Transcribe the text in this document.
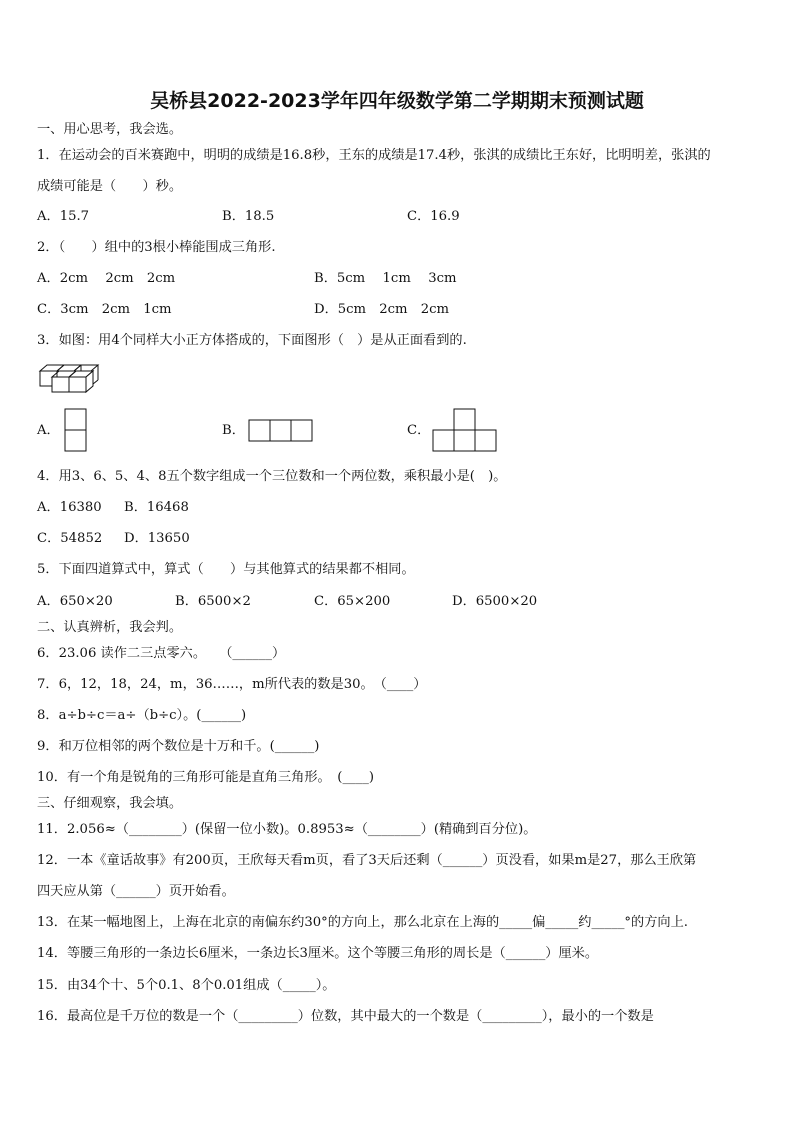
吴桥县2022-2023学年四年级数学第二学期期末预测试题
一、用心思考，我会选。
1．在运动会的百米赛跑中，明明的成绩是16.8秒，王东的成绩是17.4秒，张淇的成绩比王东好，比明明差，张淇的
成绩可能是（　　）秒。
A．15.7	B．18.5	C．16.9
2．（　　）组中的3根小棒能围成三角形.
A．2cm　 2cm　2cm	B．5cm　 1cm　 3cm
C．3cm　2cm　1cm	D．5cm　2cm　2cm
3．如图：用4个同样大小正方体搭成的，下面图形（　）是从正面看到的.
A．	B．	C．
4．用3、6、5、4、8五个数字组成一个三位数和一个两位数，乘积最小是(　)。
A．16380 B．16468
C．54852 D．13650
5．下面四道算式中，算式（　　）与其他算式的结果都不相同。
A．650×20	B．6500×2	C．65×200	D．6500×20
二、认真辨析，我会判。
6．23.06 读作二三点零六。　　（______）
7．6，12，18，24，m，36……，m所代表的数是30。　（____）
8．a÷b÷c＝a÷（b÷c）。(______)
9．和万位相邻的两个数位是十万和千。(______)
10．有一个角是锐角的三角形可能是直角三角形。　(____)
三、仔细观察，我会填。
11．2.056≈（________）(保留一位小数)。0.8953≈（________）(精确到百分位)。
12．一本《童话故事》有200页，王欣每天看m页，看了3天后还剩（______）页没看，如果m是27，那么王欣第
四天应从第（______）页开始看。
13．在某一幅地图上，上海在北京的南偏东约30°的方向上，那么北京在上海的_____偏_____约_____°的方向上.
14．等腰三角形的一条边长6厘米，一条边长3厘米。这个等腰三角形的周长是（______）厘米。
15．由34个十、5个0.1、8个0.01组成（_____）。
16．最高位是千万位的数是一个（_________）位数，其中最大的一个数是（_________），最小的一个数是
